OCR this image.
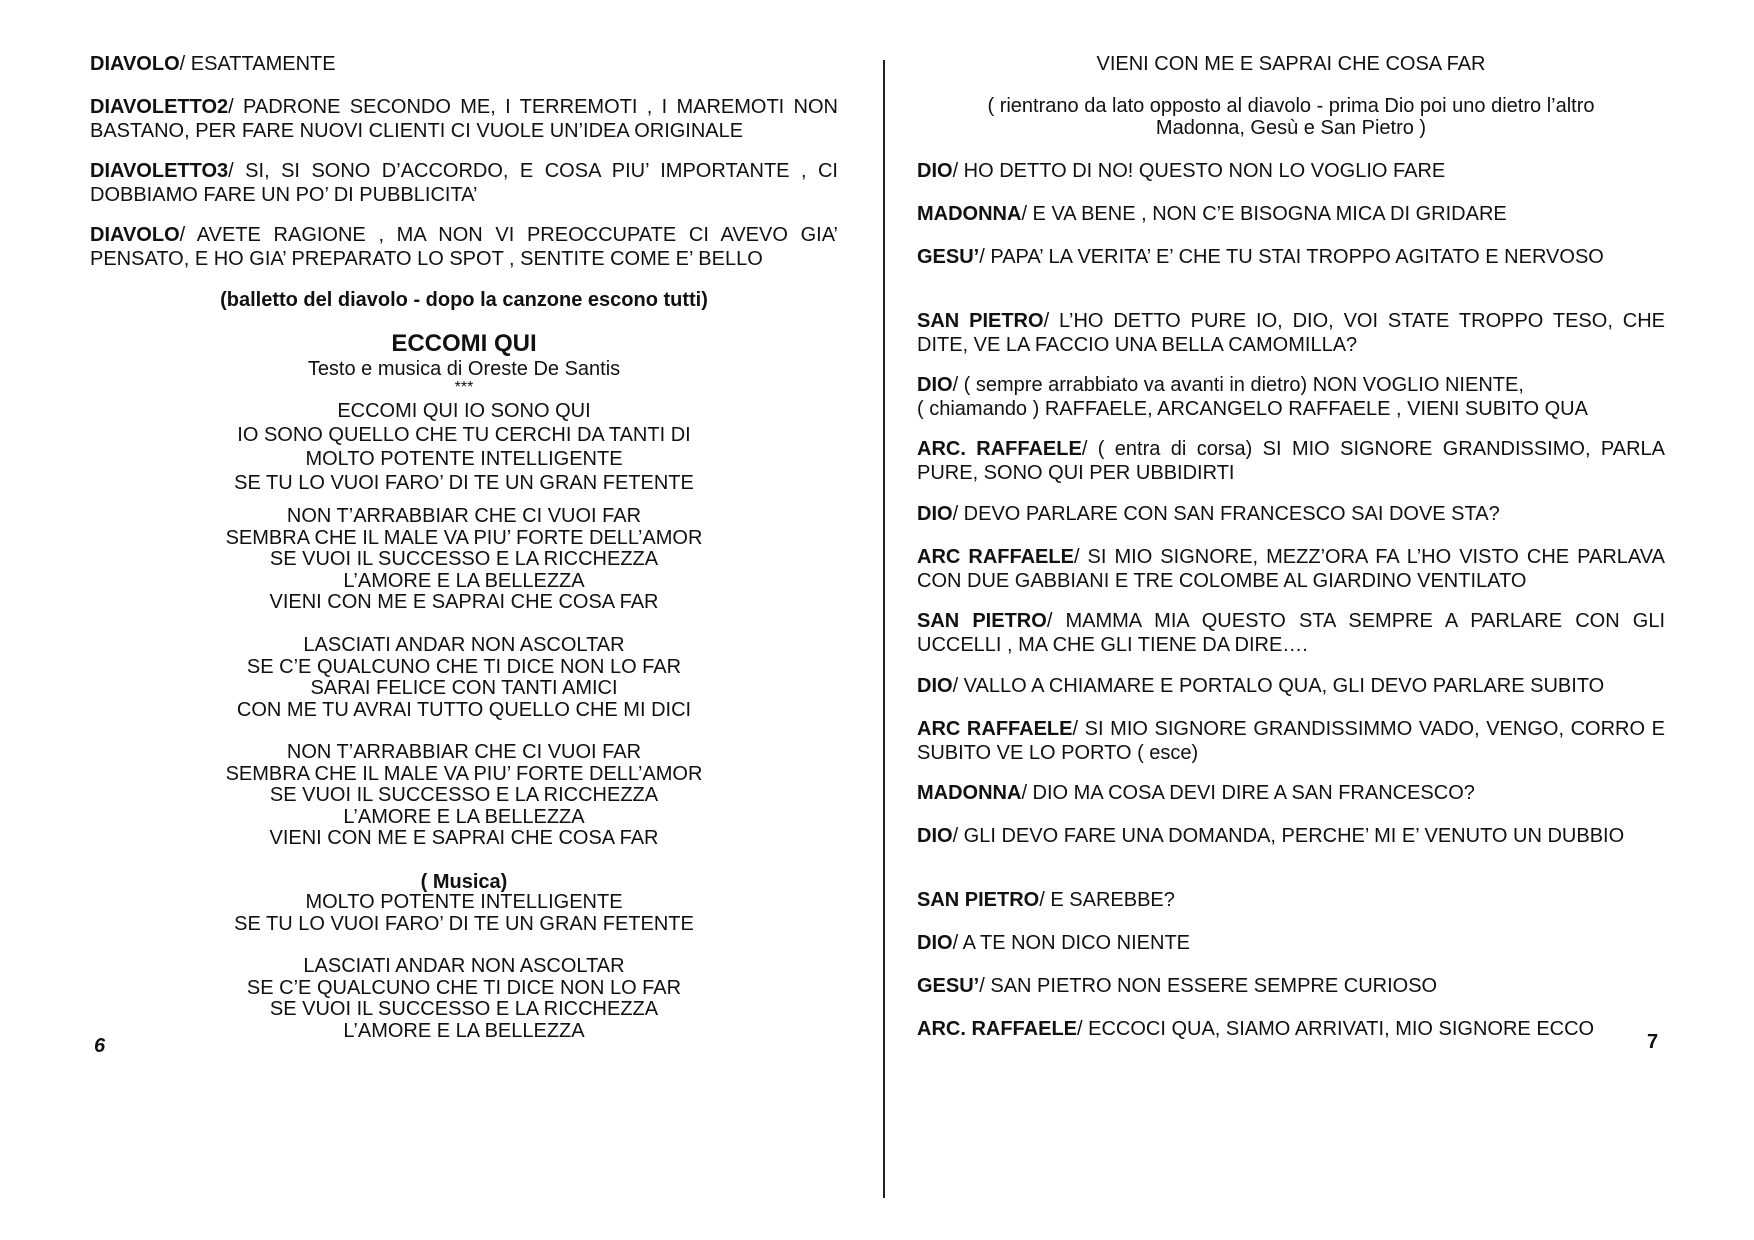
DIAVOLO/ ESATTAMENTE

DIAVOLETTO2/ PADRONE SECONDO ME, I TERREMOTI , I MAREMOTI NON BASTANO, PER FARE NUOVI CLIENTI CI VUOLE UN’IDEA ORIGINALE

DIAVOLETTO3/ SI, SI SONO D’ACCORDO, E COSA PIU’ IMPORTANTE , CI DOBBIAMO FARE UN PO’ DI PUBBLICITA’

DIAVOLO/ AVETE RAGIONE , MA NON VI PREOCCUPATE CI AVEVO GIA’ PENSATO, E HO GIA’ PREPARATO LO SPOT , SENTITE COME E’ BELLO

(balletto del diavolo - dopo la canzone escono tutti)

ECCOMI QUI

Testo e musica di Oreste De Santis

***

ECCOMI QUI IO SONO QUI
IO SONO QUELLO CHE TU CERCHI DA TANTI DI
MOLTO POTENTE INTELLIGENTE
SE TU LO VUOI FARO’ DI TE UN GRAN FETENTE
NON T’ARRABBIAR CHE CI VUOI FAR
SEMBRA CHE IL MALE VA PIU’ FORTE DELL’AMOR
SE VUOI IL SUCCESSO E LA RICCHEZZA
L’AMORE E LA BELLEZZA
VIENI CON ME E SAPRAI CHE COSA FAR
LASCIATI ANDAR NON ASCOLTAR
SE C’E QUALCUNO CHE TI DICE NON LO FAR
SARAI FELICE CON TANTI AMICI
CON ME TU AVRAI TUTTO QUELLO CHE MI DICI
NON T’ARRABBIAR CHE CI VUOI FAR
SEMBRA CHE IL MALE VA PIU’ FORTE DELL’AMOR
SE VUOI IL SUCCESSO E LA RICCHEZZA
L’AMORE E LA BELLEZZA
VIENI CON ME E SAPRAI CHE COSA FAR

( Musica)

MOLTO POTENTE INTELLIGENTE
SE TU LO VUOI FARO’ DI TE UN GRAN FETENTE
LASCIATI ANDAR NON ASCOLTAR
SE C’E QUALCUNO CHE TI DICE NON LO FAR
SE VUOI IL SUCCESSO E LA RICCHEZZA
L’AMORE E LA BELLEZZA
6

VIENI CON ME E SAPRAI CHE COSA FAR

( rientrano da lato opposto al diavolo - prima Dio poi uno dietro l’altro
Madonna, Gesù e San Pietro )

DIO/ HO DETTO DI NO! QUESTO NON LO VOGLIO FARE

MADONNA/ E VA BENE , NON C’E BISOGNA MICA DI GRIDARE

GESU’/ PAPA’ LA VERITA’ E’ CHE TU STAI TROPPO AGITATO E NERVOSO

SAN PIETRO/ L’HO DETTO PURE IO, DIO, VOI STATE TROPPO TESO, CHE DITE, VE LA FACCIO UNA BELLA CAMOMILLA?

DIO/ ( sempre arrabbiato va avanti in dietro) NON VOGLIO NIENTE,
( chiamando ) RAFFAELE, ARCANGELO RAFFAELE , VIENI SUBITO QUA

ARC. RAFFAELE/ ( entra di corsa) SI MIO SIGNORE GRANDISSIMO, PARLA PURE, SONO QUI PER UBBIDIRTI

DIO/ DEVO PARLARE CON SAN FRANCESCO SAI DOVE STA?

ARC RAFFAELE/ SI MIO SIGNORE, MEZZ’ORA FA L’HO VISTO CHE PARLAVA CON DUE GABBIANI E TRE COLOMBE AL GIARDINO VENTILATO

SAN PIETRO/ MAMMA MIA QUESTO STA SEMPRE A PARLARE CON GLI UCCELLI , MA CHE GLI TIENE DA DIRE….

DIO/ VALLO A CHIAMARE E PORTALO QUA, GLI DEVO PARLARE SUBITO

ARC RAFFAELE/ SI MIO SIGNORE GRANDISSIMMO VADO, VENGO, CORRO E SUBITO VE LO PORTO ( esce)

MADONNA/ DIO MA COSA DEVI DIRE A SAN FRANCESCO?

DIO/ GLI DEVO FARE UNA DOMANDA, PERCHE’ MI E’ VENUTO UN DUBBIO

SAN PIETRO/ E SAREBBE?

DIO/ A TE NON DICO NIENTE

GESU’/ SAN PIETRO NON ESSERE SEMPRE CURIOSO

ARC. RAFFAELE/ ECCOCI QUA, SIAMO ARRIVATI, MIO SIGNORE ECCO

7
